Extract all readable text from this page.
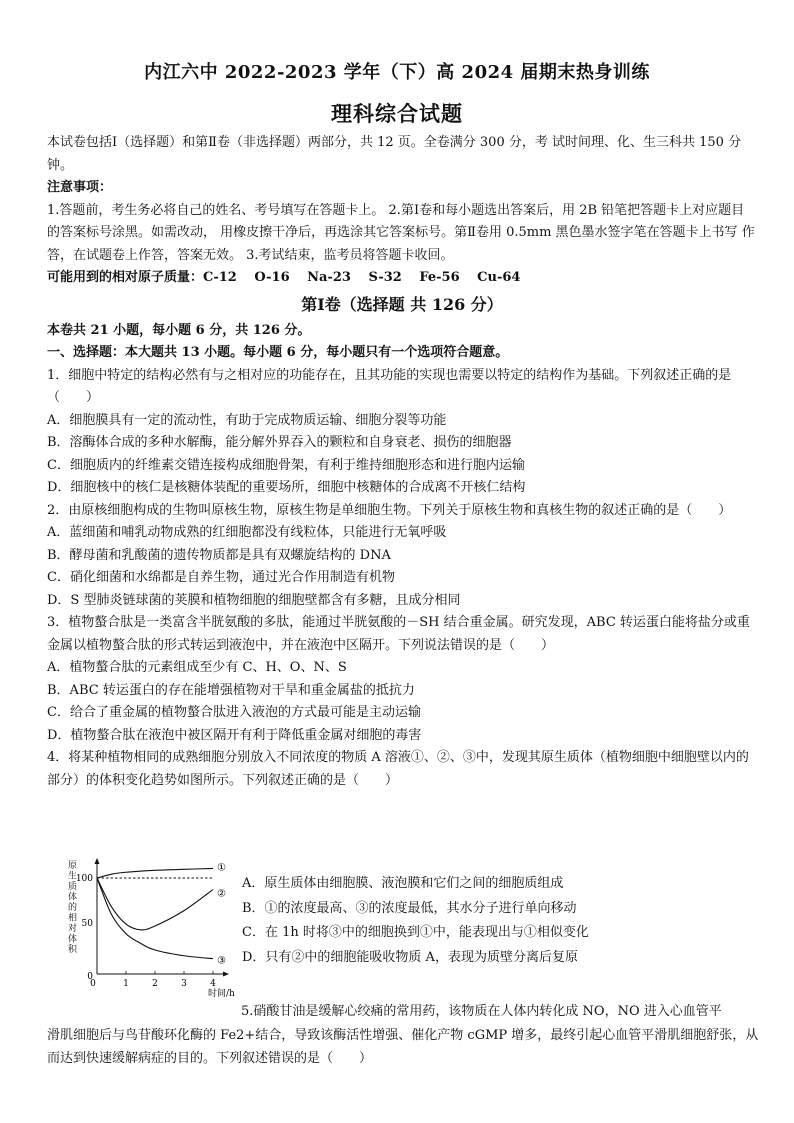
内江六中 2022-2023 学年（下）高 2024 届期末热身训练
理科综合试题

本试卷包括Ⅰ（选择题）和第Ⅱ卷（非选择题）两部分，共 12 页。全卷满分 300 分，考 试时间理、化、生三科共 150 分钟。

注意事项：

1.答题前，考生务必将自己的姓名、考号填写在答题卡上。 2.第Ⅰ卷和每小题选出答案后，用 2B 铅笔把答题卡上对应题目的答案标号涂黑。如需改动， 用橡皮擦干净后，再选涂其它答案标号。第Ⅱ卷用 0.5mm 黑色墨水签字笔在答题卡上书写 作答，在试题卷上作答，答案无效。 3.考试结束，监考员将答题卡收回。

可能用到的相对原子质量：C-12　 O-16　 Na-23　 S-32　 Fe-56　 Cu-64

第Ⅰ卷（选择题 共 126 分）

本卷共 21 小题，每小题 6 分，共 126 分。

一、选择题：本大题共 13 小题。每小题 6 分，每小题只有一个选项符合题意。

1．细胞中特定的结构必然有与之相对应的功能存在，且其功能的实现也需要以特定的结构作为基础。下列叙述正确的是（　　）

A．细胞膜具有一定的流动性，有助于完成物质运输、细胞分裂等功能

B．溶酶体合成的多种水解酶，能分解外界吞入的颗粒和自身衰老、损伤的细胞器

C．细胞质内的纤维素交错连接构成细胞骨架，有利于维持细胞形态和进行胞内运输

D．细胞核中的核仁是核糖体装配的重要场所，细胞中核糖体的合成离不开核仁结构

2．由原核细胞构成的生物叫原核生物，原核生物是单细胞生物。下列关于原核生物和真核生物的叙述正确的是（　　）

A．蓝细菌和哺乳动物成熟的红细胞都没有线粒体，只能进行无氧呼吸

B．酵母菌和乳酸菌的遗传物质都是具有双螺旋结构的 DNA

C．硝化细菌和水绵都是自养生物，通过光合作用制造有机物

D．S 型肺炎链球菌的荚膜和植物细胞的细胞壁都含有多糖，且成分相同

3．植物螯合肽是一类富含半胱氨酸的多肽，能通过半胱氨酸的－SH 结合重金属。研究发现，ABC 转运蛋白能将盐分或重金属以植物螯合肽的形式转运到液泡中，并在液泡中区隔开。下列说法错误的是（　　）

A．植物螯合肽的元素组成至少有 C、H、O、N、S

B．ABC 转运蛋白的存在能增强植物对干旱和重金属盐的抵抗力

C．给合了重金属的植物螯合肽进入液泡的方式最可能是主动运输

D．植物螯合肽在液泡中被区隔开有利于降低重金属对细胞的毒害

4．将某种植物相同的成熟细胞分别放入不同浓度的物质 A 溶液①、②、③中，发现其原生质体（植物细胞中细胞壁以内的部分）的体积变化趋势如图所示。下列叙述正确的是（　　）

原生质体的相对体积
100
50
0
0	1	2	3	4
①
②
③
时间/h

A．原生质体由细胞膜、液泡膜和它们之间的细胞质组成

B．①的浓度最高、③的浓度最低，其水分子进行单向移动

C．在 1h 时将③中的细胞换到①中，能表现出与①相似变化

D．只有②中的细胞能吸收物质 A，表现为质壁分离后复原

5.硝酸甘油是缓解心绞痛的常用药，该物质在人体内转化成 NO，NO 进入心血管平
滑肌细胞后与鸟苷酸环化酶的 Fe2+结合，导致该酶活性增强、催化产物 cGMP 增多，最终引起心血管平滑肌细胞舒张，从而达到快速缓解病症的目的。下列叙述错误的是（　　）
